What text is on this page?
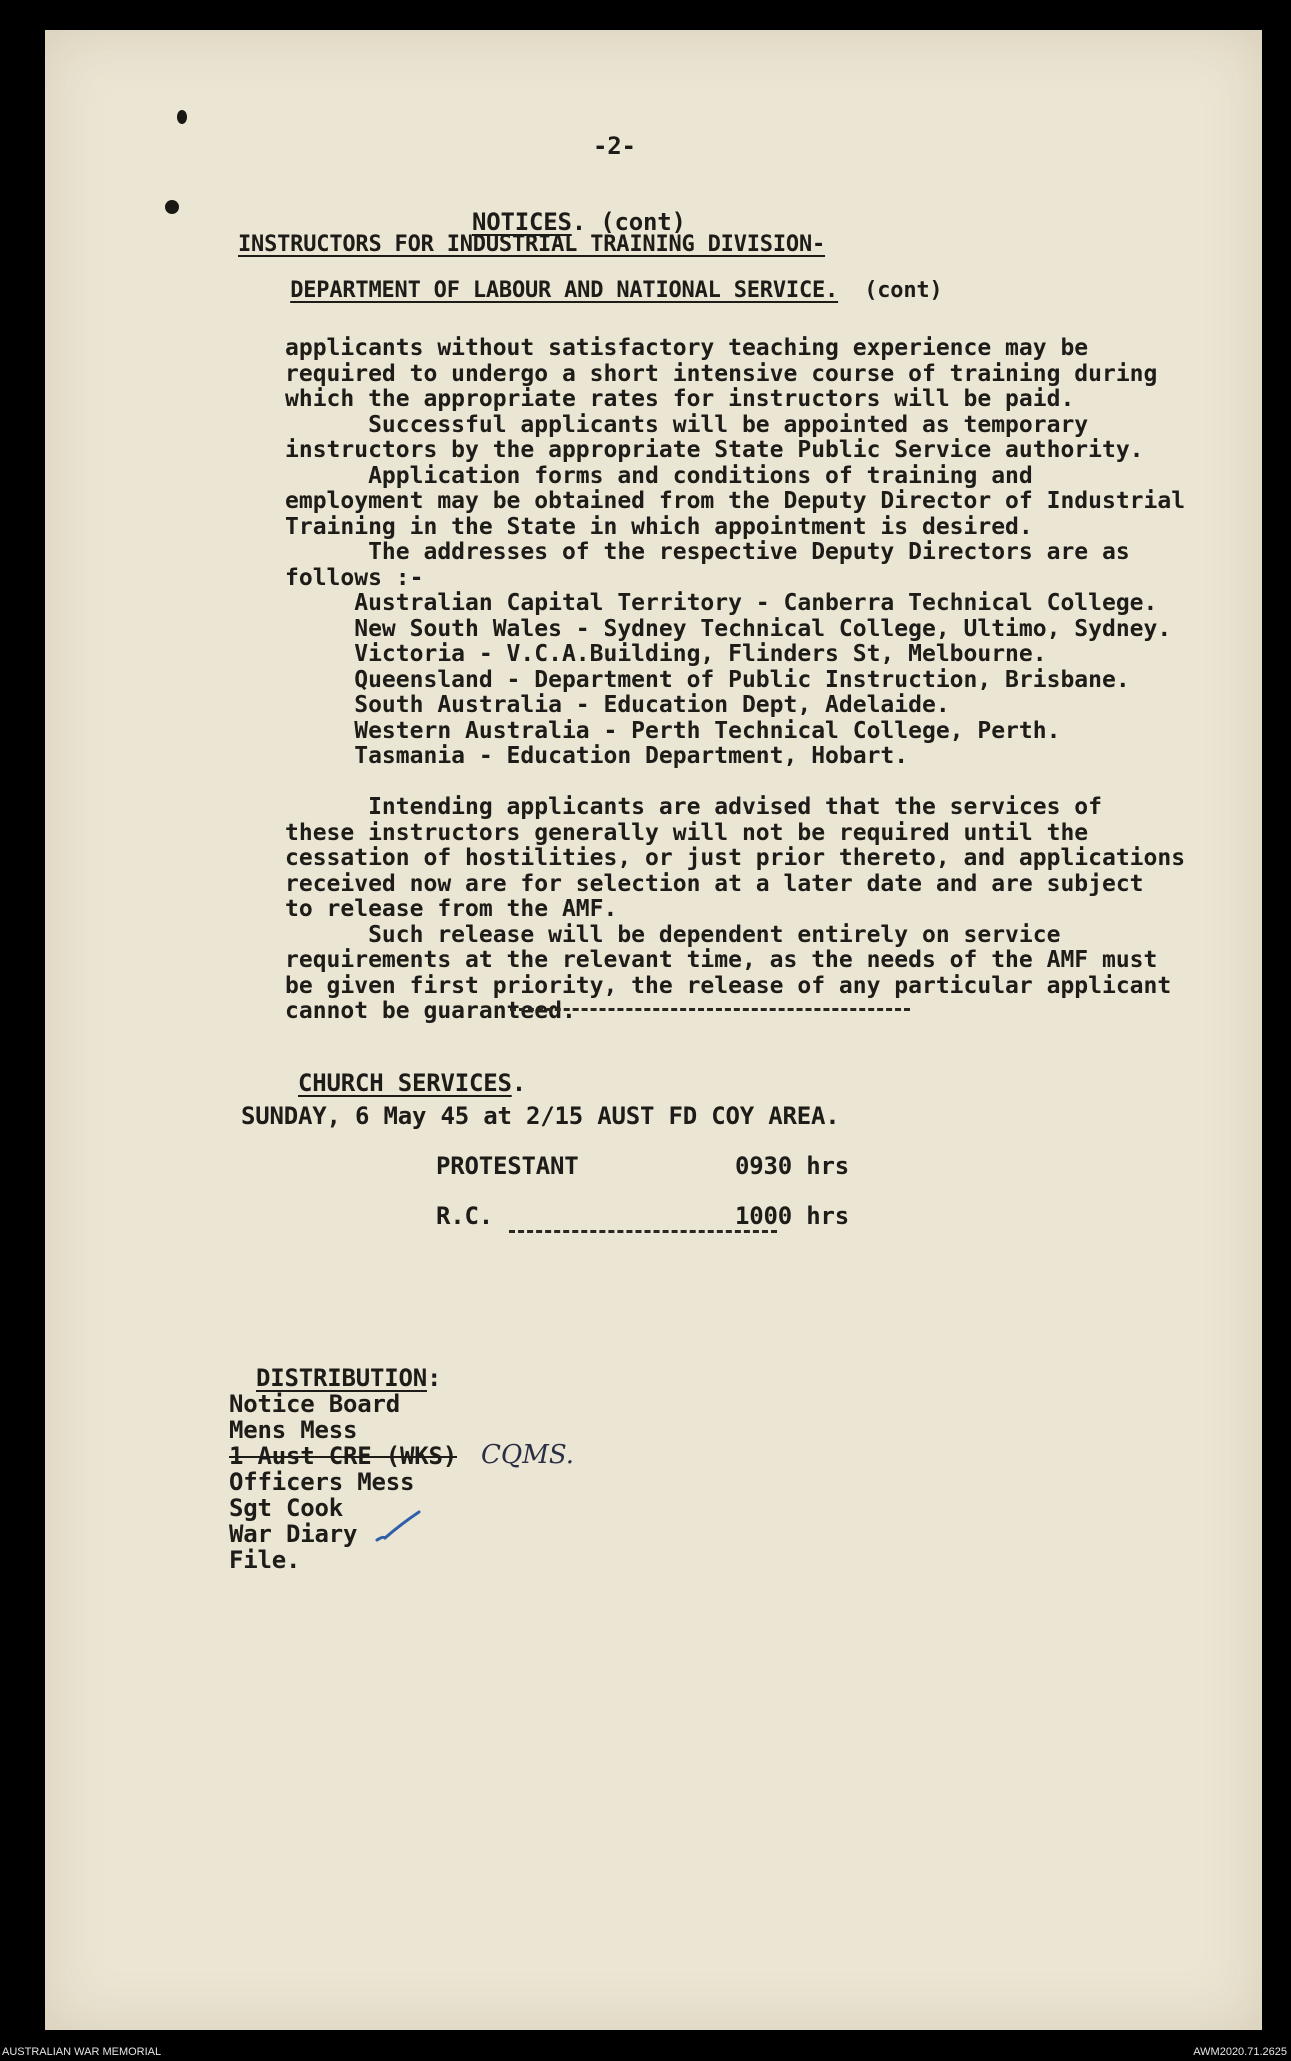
-2-

NOTICES. (cont)

INSTRUCTORS FOR INDUSTRIAL TRAINING DIVISION-

DEPARTMENT OF LABOUR AND NATIONAL SERVICE. (cont)

applicants without satisfactory teaching experience may be
required to undergo a short intensive course of training during
which the appropriate rates for instructors will be paid.
Successful applicants will be appointed as temporary
instructors by the appropriate State Public Service authority.
Application forms and conditions of training and
employment may be obtained from the Deputy Director of Industrial
Training in the State in which appointment is desired.
The addresses of the respective Deputy Directors are as
follows :-
Australian Capital Territory - Canberra Technical College.
New South Wales - Sydney Technical College, Ultimo, Sydney.
Victoria - V.C.A.Building, Flinders St, Melbourne.
Queensland - Department of Public Instruction, Brisbane.
South Australia - Education Dept, Adelaide.
Western Australia - Perth Technical College, Perth.
Tasmania - Education Department, Hobart.

Intending applicants are advised that the services of
these instructors generally will not be required until the
cessation of hostilities, or just prior thereto, and applications
received now are for selection at a later date and are subject
to release from the AMF.
Such release will be dependent entirely on service
requirements at the relevant time, as the needs of the AMF must
be given first priority, the release of any particular applicant
cannot be guaranteed.

CHURCH SERVICES.

SUNDAY, 6 May 45 at 2/15 AUST FD COY AREA.
PROTESTANT	0930 hrs
R.C.	1000 hrs

DISTRIBUTION:

Notice Board
Mens Mess
1 Aust CRE (WKS)
Officers Mess
Sgt Cook
War Diary
File.
CQMS.
AUSTRALIAN WAR MEMORIAL	AWM2020.71.2625
